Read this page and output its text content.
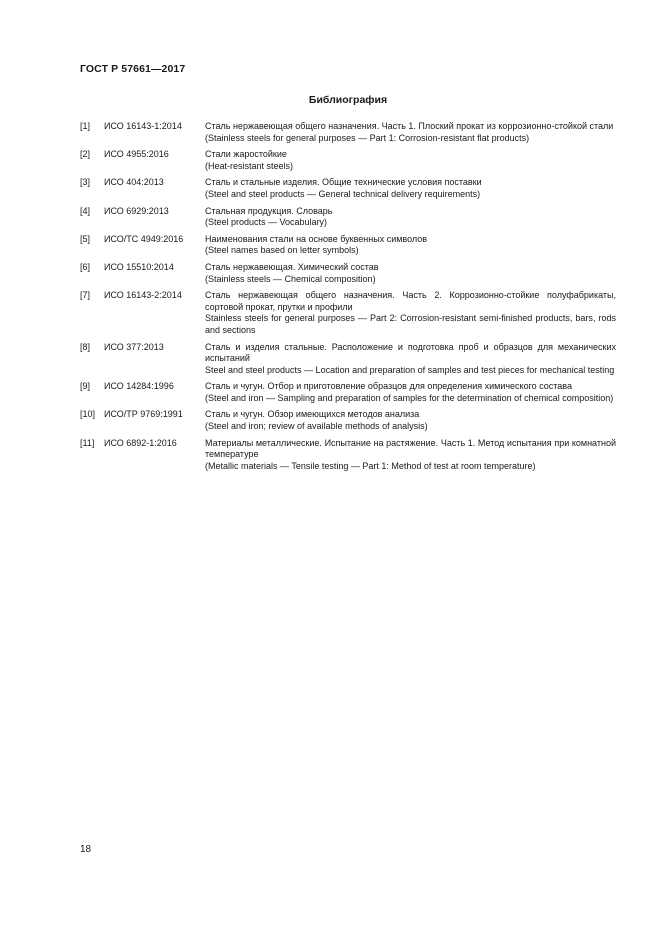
ГОСТ Р 57661—2017
Библиография
[1] ИСО 16143-1:2014	Сталь нержавеющая общего назначения. Часть 1. Плоский прокат из коррозионно-стойкой стали
(Stainless steels for general purposes — Part 1: Corrosion-resistant flat products)
[2] ИСО 4955:2016	Стали жаростойкие
(Heat-resistant steels)
[3] ИСО 404:2013	Сталь и стальные изделия. Общие технические условия поставки
(Steel and steel products — General technical delivery requirements)
[4] ИСО 6929:2013	Стальная продукция. Словарь
(Steel products — Vocabulary)
[5] ИСО/ТС 4949:2016 Наименования стали на основе буквенных символов
(Steel names based on letter symbols)
[6] ИСО 15510:2014	Сталь нержавеющая. Химический состав
(Stainless steels — Chemical composition)
[7] ИСО 16143-2:2014	Сталь нержавеющая общего назначения. Часть 2. Коррозионно-стойкие полуфабрикаты, сортовой прокат, прутки и профили
Stainless steels for general purposes — Part 2: Corrosion-resistant semi-finished products, bars, rods and sections
[8] ИСО 377:2013	Сталь и изделия стальные. Расположение и подготовка проб и образцов для механических испытаний
Steel and steel products — Location and preparation of samples and test pieces for mechanical testing
[9] ИСО 14284:1996	Сталь и чугун. Отбор и приготовление образцов для определения химического состава
(Steel and iron — Sampling and preparation of samples for the determination of chemical composition)
[10] ИСО/ТР 9769:1991 Сталь и чугун. Обзор имеющихся методов анализа
(Steel and iron; review of available methods of analysis)
[11] ИСО 6892-1:2016	Материалы металлические. Испытание на растяжение. Часть 1. Метод испытания при комнатной температуре
(Metallic materials — Tensile testing — Part 1: Method of test at room temperature)
18
